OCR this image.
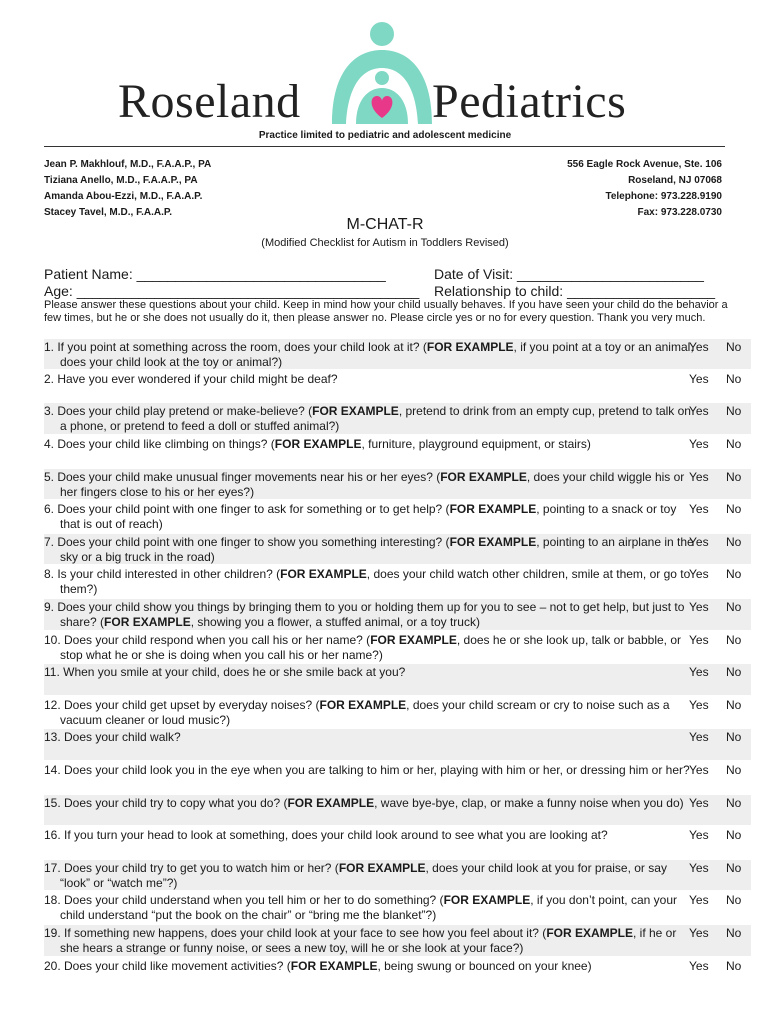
Roseland	Pediatrics
Practice limited to pediatric and adolescent medicine
Jean P. Makhlouf, M.D., F.A.A.P., PA
Tiziana Anello, M.D., F.A.A.P., PA
Amanda Abou-Ezzi, M.D., F.A.A.P.
Stacey Tavel, M.D., F.A.A.P.
556 Eagle Rock Avenue, Ste. 106
Roseland, NJ 07068
Telephone: 973.228.9190
Fax: 973.228.0730
M-CHAT-R
(Modified Checklist for Autism in Toddlers Revised)
Patient Name: ________________________________	Date of Visit: ________________________
Age: ____________________________________________ Relationship to child: ___________________
Please answer these questions about your child. Keep in mind how your child usually behaves. If you have seen your child do the behavior a few times, but he or she does not usually do it, then please answer no. Please circle yes or no for every question. Thank you very much.
1. If you point at something across the room, does your child look at it? (FOR EXAMPLE, if you point at a toy or an animal, does your child look at the toy or animal?)
Yes No
2. Have you ever wondered if your child might be deaf?	Yes No
3. Does your child play pretend or make-believe? (FOR EXAMPLE, pretend to drink from an empty cup, pretend to talk on a phone, or pretend to feed a doll or stuffed animal?)
Yes No
4. Does your child like climbing on things? (FOR EXAMPLE, furniture, playground equipment, or stairs)	Yes No
5. Does your child make unusual finger movements near his or her eyes? (FOR EXAMPLE, does your child wiggle his or her fingers close to his or her eyes?)
Yes No
6. Does your child point with one finger to ask for something or to get help? (FOR EXAMPLE, pointing to a snack or toy that is out of reach)
Yes No
7. Does your child point with one finger to show you something interesting? (FOR EXAMPLE, pointing to an airplane in the sky or a big truck in the road)
Yes No
8. Is your child interested in other children? (FOR EXAMPLE, does your child watch other children, smile at them, or go to them?)
Yes No
9. Does your child show you things by bringing them to you or holding them up for you to see – not to get help, but just to share? (FOR EXAMPLE, showing you a flower, a stuffed animal, or a toy truck)
Yes No
10. Does your child respond when you call his or her name? (FOR EXAMPLE, does he or she look up, talk or babble, or stop what he or she is doing when you call his or her name?)
Yes No
11. When you smile at your child, does he or she smile back at you?	Yes No
12. Does your child get upset by everyday noises? (FOR EXAMPLE, does your child scream or cry to noise such as a vacuum cleaner or loud music?)
Yes No
13. Does your child walk?	Yes No
14. Does your child look you in the eye when you are talking to him or her, playing with him or her, or dressing him or her? Yes No
15. Does your child try to copy what you do? (FOR EXAMPLE, wave bye-bye, clap, or make a funny noise when you do) Yes No
16. If you turn your head to look at something, does your child look around to see what you are looking at?	Yes No
17. Does your child try to get you to watch him or her? (FOR EXAMPLE, does your child look at you for praise, or say “look” or “watch me”?)
Yes No
18. Does your child understand when you tell him or her to do something? (FOR EXAMPLE, if you don’t point, can your child understand “put the book on the chair” or “bring me the blanket”?)
Yes No
19. If something new happens, does your child look at your face to see how you feel about it? (FOR EXAMPLE, if he or she hears a strange or funny noise, or sees a new toy, will he or she look at your face?)
Yes No
20. Does your child like movement activities? (FOR EXAMPLE, being swung or bounced on your knee)	Yes No
